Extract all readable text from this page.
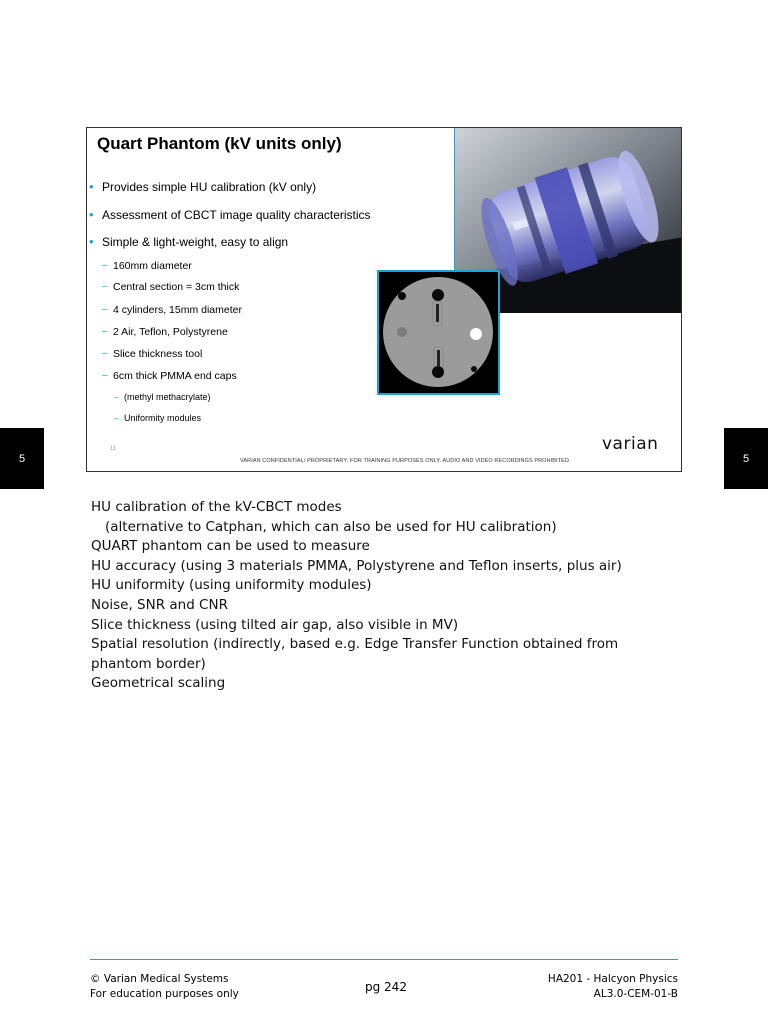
5	5
Quart Phantom (kV units only)
• Provides simple HU calibration (kV only)
• Assessment of CBCT image quality characteristics
• Simple & light-weight, easy to align
– 160mm diameter
– Central section = 3cm thick
– 4 cylinders, 15mm diameter
– 2 Air, Teflon, Polystyrene
– Slice thickness tool
– 6cm thick PMMA end caps
– (methyl methacrylate)
– Uniformity modules
11
VARIAN CONFIDENTIAL/ PROPRIETARY: FOR TRAINING PURPOSES ONLY. AUDIO AND VIDEO RECORDINGS PROHIBITED.
varian
HU calibration of the kV-CBCT modes
(alternative to Catphan, which can also be used for HU calibration)
QUART phantom can be used to measure
HU accuracy (using 3 materials PMMA, Polystyrene and Teflon inserts, plus air)
HU uniformity (using uniformity modules)
Noise, SNR and CNR
Slice thickness (using tilted air gap, also visible in MV)
Spatial resolution (indirectly, based e.g. Edge Transfer Function obtained from phantom border)
Geometrical scaling
© Varian Medical Systems
For education purposes only	pg 242
HA201 - Halcyon Physics
AL3.0-CEM-01-B
